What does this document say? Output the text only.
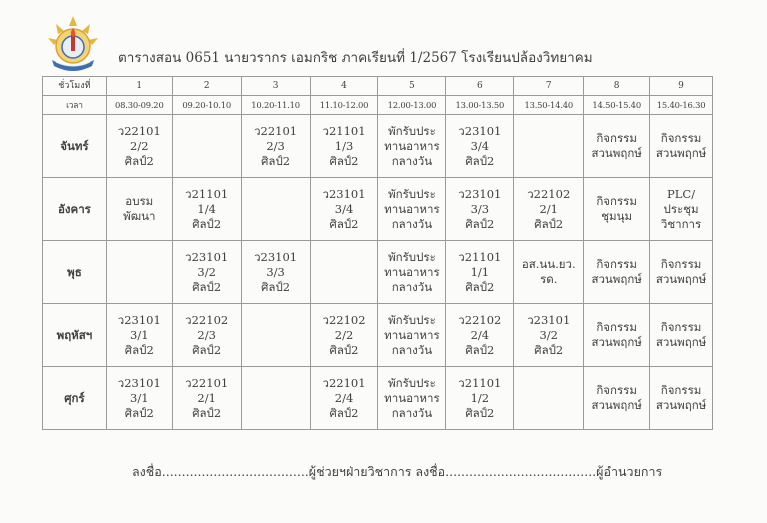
ตารางสอน 0651 นายวรากร เอมกริช ภาคเรียนที่ 1/2567 โรงเรียนปล้องวิทยาคม
ชั่วโมงที่	1	2	3	4	5	6	7	8	9
เวลา	08.30-09.20	09.20-10.10	10.20-11.10	11.10-12.00	12.00-13.00	13.00-13.50	13.50-14.40	14.50-15.40	15.40-16.30
จันทร์	ว22101
2/2
ศิลป์2		ว22101
2/3
ศิลป์2	ว21101
1/3
ศิลป์2	พักรับประ
ทานอาหาร
กลางวัน	ว23101
3/4
ศิลป์2		กิจกรรม
สวนพฤกษ์	กิจกรรม
สวนพฤกษ์

อังคาร	อบรม
พัฒนา	ว21101
1/4
ศิลป์2		ว23101
3/4
ศิลป์2	พักรับประ
ทานอาหาร
กลางวัน	ว23101
3/3
ศิลป์2	ว22102
2/1
ศิลป์2	กิจกรรม
ชุมนุม	PLC/
ประชุม
วิชาการ

พุธ		ว23101
3/2
ศิลป์2	ว23101
3/3
ศิลป์2		พักรับประ
ทานอาหาร
กลางวัน	ว21101
1/1
ศิลป์2	อส.นน.ยว.
รด.	กิจกรรม
สวนพฤกษ์	กิจกรรม
สวนพฤกษ์

พฤหัสฯ	ว23101
3/1
ศิลป์2	ว22102
2/3
ศิลป์2		ว22102
2/2
ศิลป์2	พักรับประ
ทานอาหาร
กลางวัน	ว22102
2/4
ศิลป์2	ว23101
3/2
ศิลป์2	กิจกรรม
สวนพฤกษ์	กิจกรรม
สวนพฤกษ์

ศุกร์	ว23101
3/1
ศิลป์2	ว22101
2/1
ศิลป์2		ว22101
2/4
ศิลป์2	พักรับประ
ทานอาหาร
กลางวัน	ว21101
1/2
ศิลป์2		กิจกรรม
สวนพฤกษ์	กิจกรรม
สวนพฤกษ์
ลงชื่อ.....................................ผู้ช่วยฯฝ่ายวิชาการ ลงชื่อ......................................ผู้อำนวยการ
